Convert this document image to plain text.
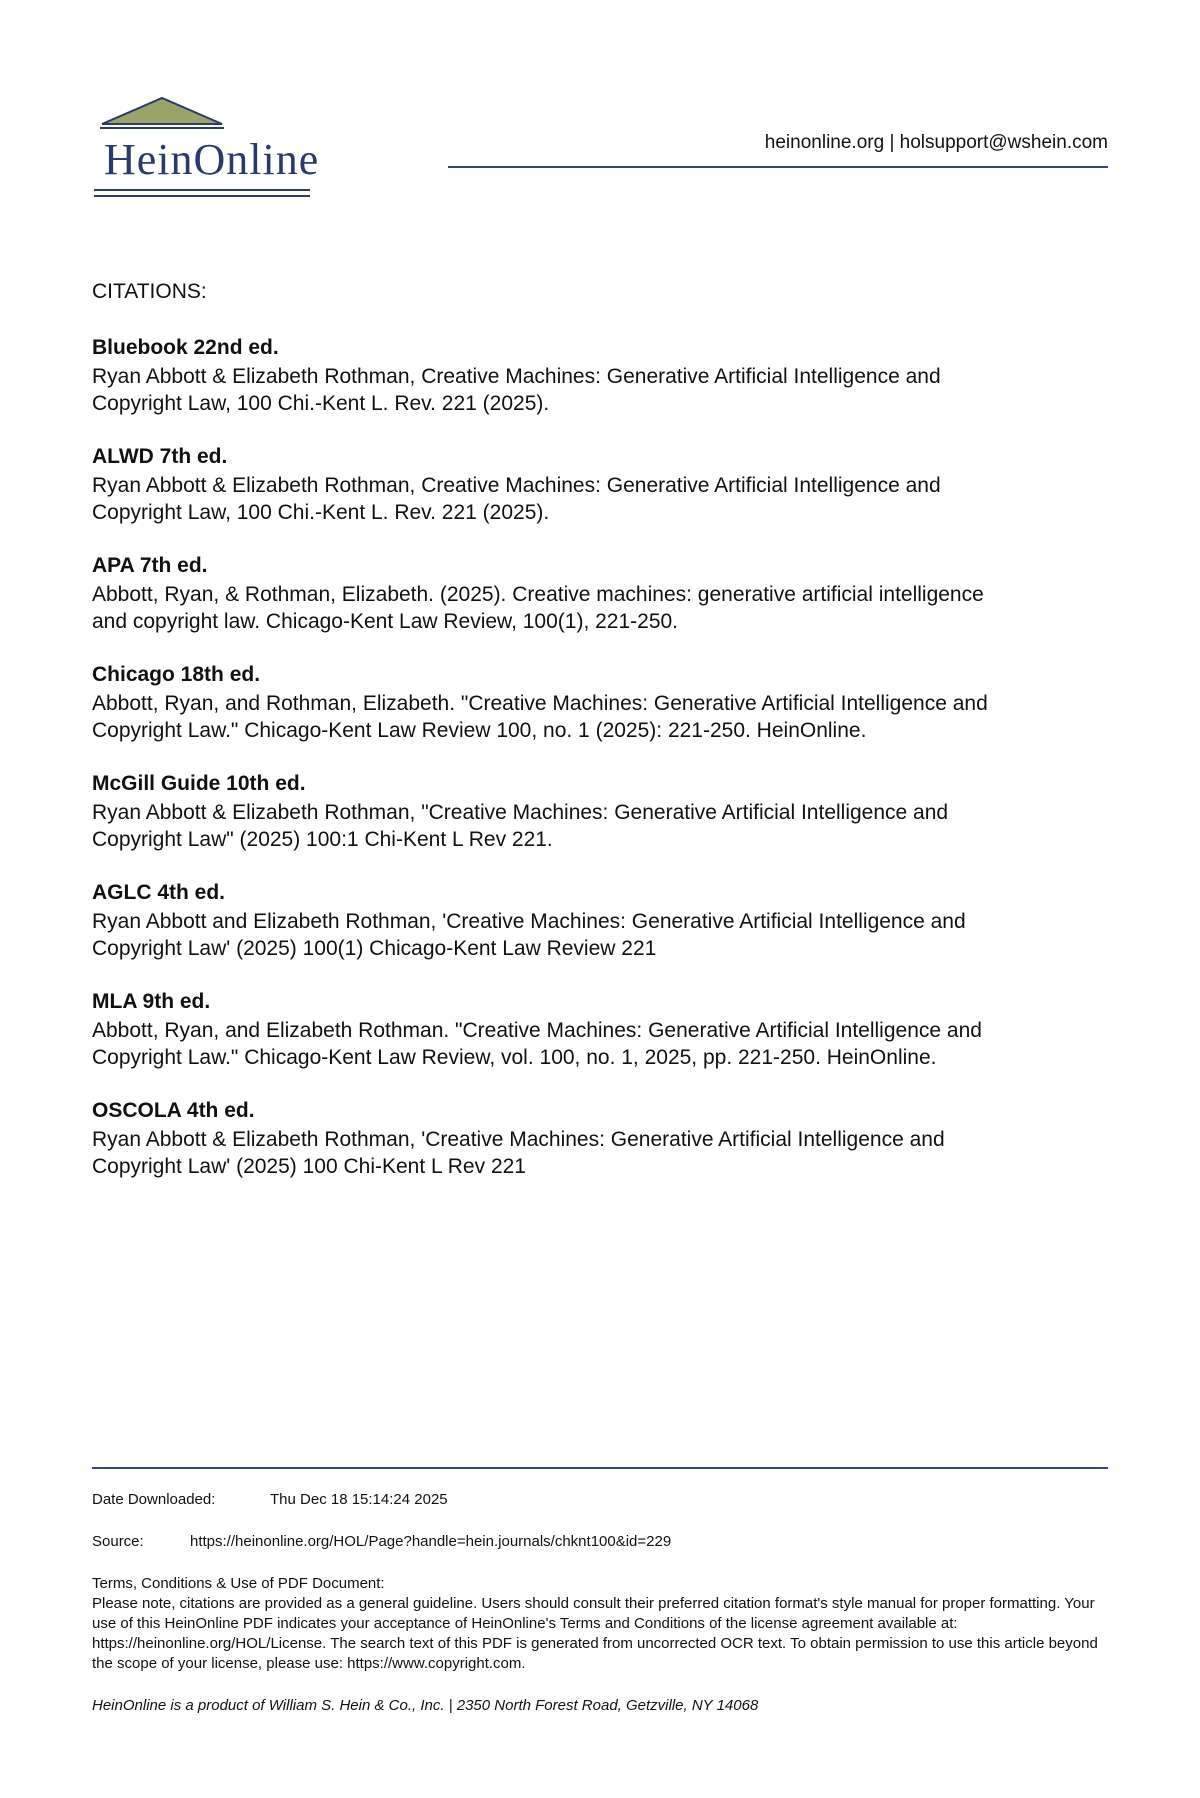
HeinOnline	heinonline.org | holsupport@wshein.com
CITATIONS:
Bluebook 22nd ed.
Ryan Abbott & Elizabeth Rothman, Creative Machines: Generative Artificial Intelligence and Copyright Law, 100 Chi.-Kent L. Rev. 221 (2025).
ALWD 7th ed.
Ryan Abbott & Elizabeth Rothman, Creative Machines: Generative Artificial Intelligence and Copyright Law, 100 Chi.-Kent L. Rev. 221 (2025).
APA 7th ed.
Abbott, Ryan, & Rothman, Elizabeth. (2025). Creative machines: generative artificial intelligence and copyright law. Chicago-Kent Law Review, 100(1), 221-250.
Chicago 18th ed.
Abbott, Ryan, and Rothman, Elizabeth. "Creative Machines: Generative Artificial Intelligence and Copyright Law." Chicago-Kent Law Review 100, no. 1 (2025): 221-250. HeinOnline.
McGill Guide 10th ed.
Ryan Abbott & Elizabeth Rothman, "Creative Machines: Generative Artificial Intelligence and Copyright Law" (2025) 100:1 Chi-Kent L Rev 221.
AGLC 4th ed.
Ryan Abbott and Elizabeth Rothman, 'Creative Machines: Generative Artificial Intelligence and Copyright Law' (2025) 100(1) Chicago-Kent Law Review 221
MLA 9th ed.
Abbott, Ryan, and Elizabeth Rothman. "Creative Machines: Generative Artificial Intelligence and Copyright Law." Chicago-Kent Law Review, vol. 100, no. 1, 2025, pp. 221-250. HeinOnline.
OSCOLA 4th ed.
Ryan Abbott & Elizabeth Rothman, 'Creative Machines: Generative Artificial Intelligence and Copyright Law' (2025) 100 Chi-Kent L Rev 221
Date Downloaded:	Thu Dec 18 15:14:24 2025
Source:	https://heinonline.org/HOL/Page?handle=hein.journals/chknt100&id=229
Terms, Conditions & Use of PDF Document:
Please note, citations are provided as a general guideline. Users should consult their preferred citation format's style manual for proper formatting. Your use of this HeinOnline PDF indicates your acceptance of HeinOnline's Terms and Conditions of the license agreement available at: https://heinonline.org/HOL/License. The search text of this PDF is generated from uncorrected OCR text. To obtain permission to use this article beyond the scope of your license, please use: https://www.copyright.com.
HeinOnline is a product of William S. Hein & Co., Inc. | 2350 North Forest Road, Getzville, NY 14068
